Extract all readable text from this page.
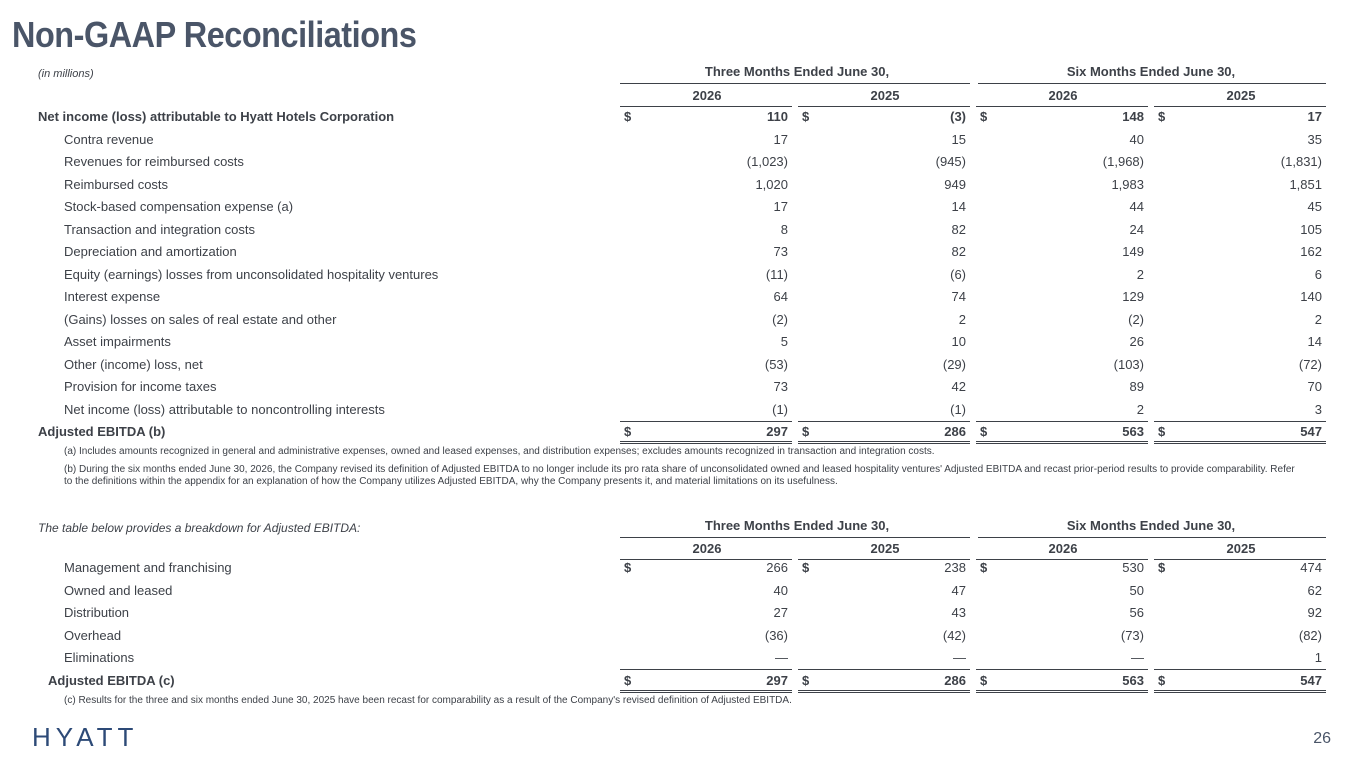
Non-GAAP Reconciliations
(in millions)	Three Months Ended June 30,	Six Months Ended June 30,
2026	2025	2026	2025
Net income (loss) attributable to Hyatt Hotels Corporation	$	110 $	(3) $	148 $	17
Contra revenue	17	15	40	35
Revenues for reimbursed costs	(1,023)	(945)	(1,968)	(1,831)
Reimbursed costs	1,020	949	1,983	1,851
Stock-based compensation expense (a)	17	14	44	45
Transaction and integration costs	8	82	24	105
Depreciation and amortization	73	82	149	162
Equity (earnings) losses from unconsolidated hospitality ventures	(11)	(6)	2	6
Interest expense	64	74	129	140
(Gains) losses on sales of real estate and other	(2)	2	(2)	2
Asset impairments	5	10	26	14
Other (income) loss, net	(53)	(29)	(103)	(72)
Provision for income taxes	73	42	89	70
Net income (loss) attributable to noncontrolling interests	(1)	(1)	2	3
Adjusted EBITDA (b)	$	297 $	286 $	563 $	547
(a) Includes amounts recognized in general and administrative expenses, owned and leased expenses, and distribution expenses; excludes amounts recognized in transaction and integration costs.
(b) During the six months ended June 30, 2026, the Company revised its definition of Adjusted EBITDA to no longer include its pro rata share of unconsolidated owned and leased hospitality ventures' Adjusted EBITDA and recast prior-period results to provide comparability. Refer to the definitions within the appendix for an explanation of how the Company utilizes Adjusted EBITDA, why the Company presents it, and material limitations on its usefulness.
The table below provides a breakdown for Adjusted EBITDA:	Three Months Ended June 30,	Six Months Ended June 30,
2026	2025	2026	2025
Management and franchising	$	266 $	238 $	530 $	474
Owned and leased	40	47	50	62
Distribution	27	43	56	92
Overhead	(36)	(42)	(73)	(82)
Eliminations	—	—	—	1
Adjusted EBITDA (c)	$	297 $	286 $	563 $	547
(c) Results for the three and six months ended June 30, 2025 have been recast for comparability as a result of the Company's revised definition of Adjusted EBITDA.
HYATT	26
